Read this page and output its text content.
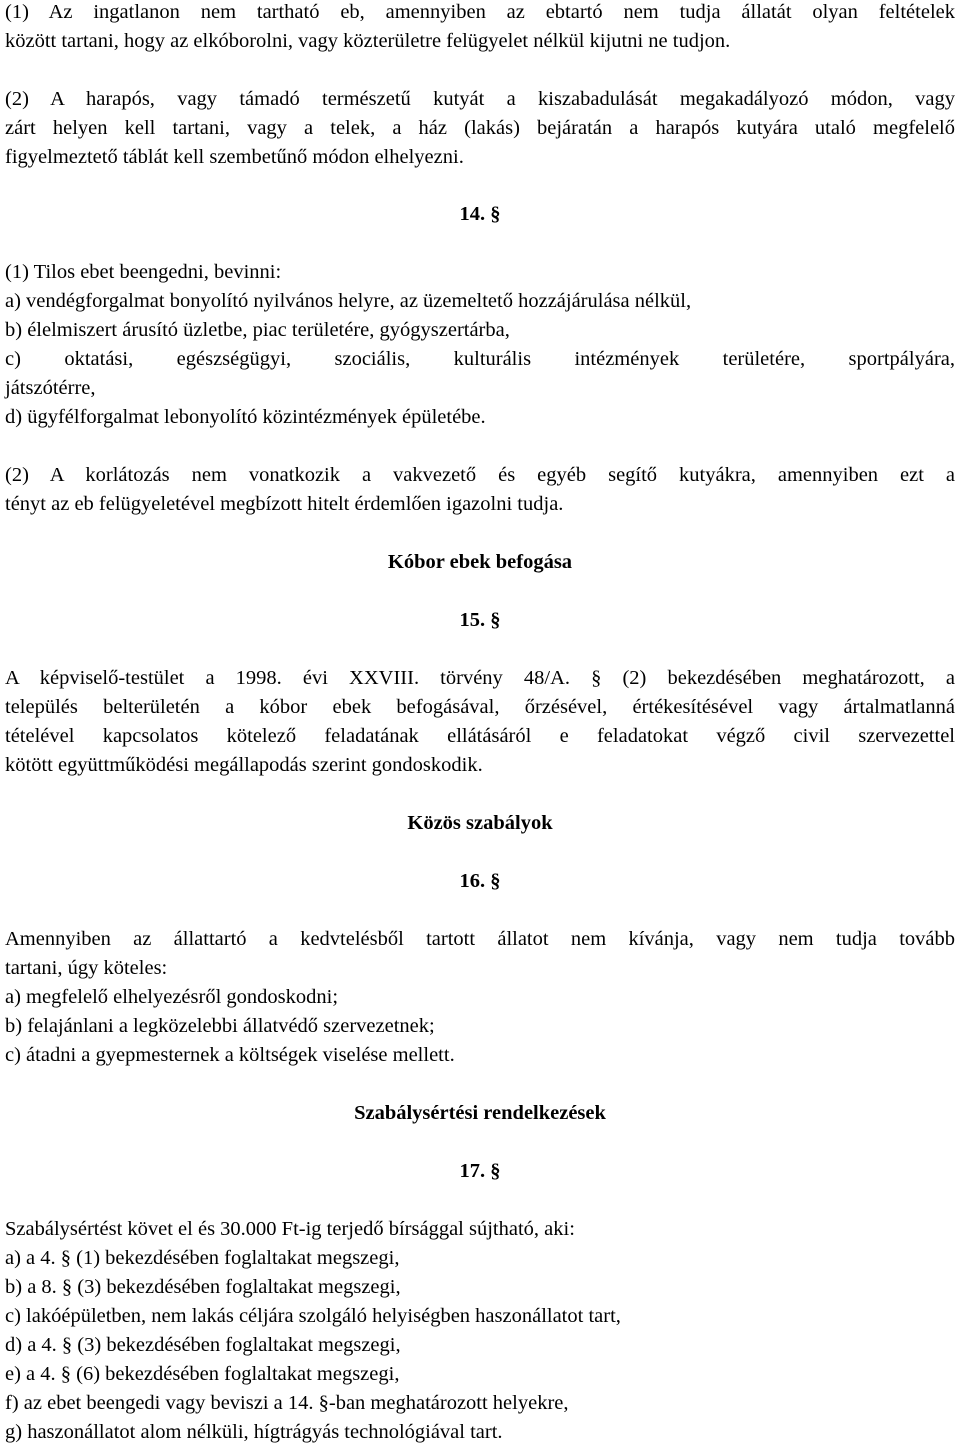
(1) Az ingatlanon nem tartható eb, amennyiben az ebtartó nem tudja állatát olyan feltételek

között tartani, hogy az elkóborolni, vagy közterületre felügyelet nélkül kijutni ne tudjon.

(2) A harapós, vagy támadó természetű kutyát a kiszabadulását megakadályozó módon, vagy

zárt helyen kell tartani, vagy a telek, a ház (lakás) bejáratán a harapós kutyára utaló megfelelő

figyelmeztető táblát kell szembetűnő módon elhelyezni.

14. §

(1) Tilos ebet beengedni, bevinni:

a) vendégforgalmat bonyolító nyilvános helyre, az üzemeltető hozzájárulása nélkül,

b) élelmiszert árusító üzletbe, piac területére, gyógyszertárba,

c) oktatási, egészségügyi, szociális, kulturális intézmények területére, sportpályára,

játszótérre,

d) ügyfélforgalmat lebonyolító közintézmények épületébe.

(2) A korlátozás nem vonatkozik a vakvezető és egyéb segítő kutyákra, amennyiben ezt a

tényt az eb felügyeletével megbízott hitelt érdemlően igazolni tudja.

Kóbor ebek befogása

15. §

A képviselő-testület a 1998. évi XXVIII. törvény 48/A. § (2) bekezdésében meghatározott, a

település belterületén a kóbor ebek befogásával, őrzésével, értékesítésével vagy ártalmatlanná

tételével kapcsolatos kötelező feladatának ellátásáról e feladatokat végző civil szervezettel

kötött együttműködési megállapodás szerint gondoskodik.

Közös szabályok

16. §

Amennyiben az állattartó a kedvtelésből tartott állatot nem kívánja, vagy nem tudja tovább

tartani, úgy köteles:

a) megfelelő elhelyezésről gondoskodni;

b) felajánlani a legközelebbi állatvédő szervezetnek;

c) átadni a gyepmesternek a költségek viselése mellett.

Szabálysértési rendelkezések

17. §

Szabálysértést követ el és 30.000 Ft-ig terjedő bírsággal sújtható, aki:

a) a 4. § (1) bekezdésében foglaltakat megszegi,

b) a 8. § (3) bekezdésében foglaltakat megszegi,

c) lakóépületben, nem lakás céljára szolgáló helyiségben haszonállatot tart,

d) a 4. § (3) bekezdésében foglaltakat megszegi,

e) a 4. § (6) bekezdésében foglaltakat megszegi,

f) az ebet beengedi vagy beviszi a 14. §-ban meghatározott helyekre,

g) haszonállatot alom nélküli, hígtrágyás technológiával tart.
